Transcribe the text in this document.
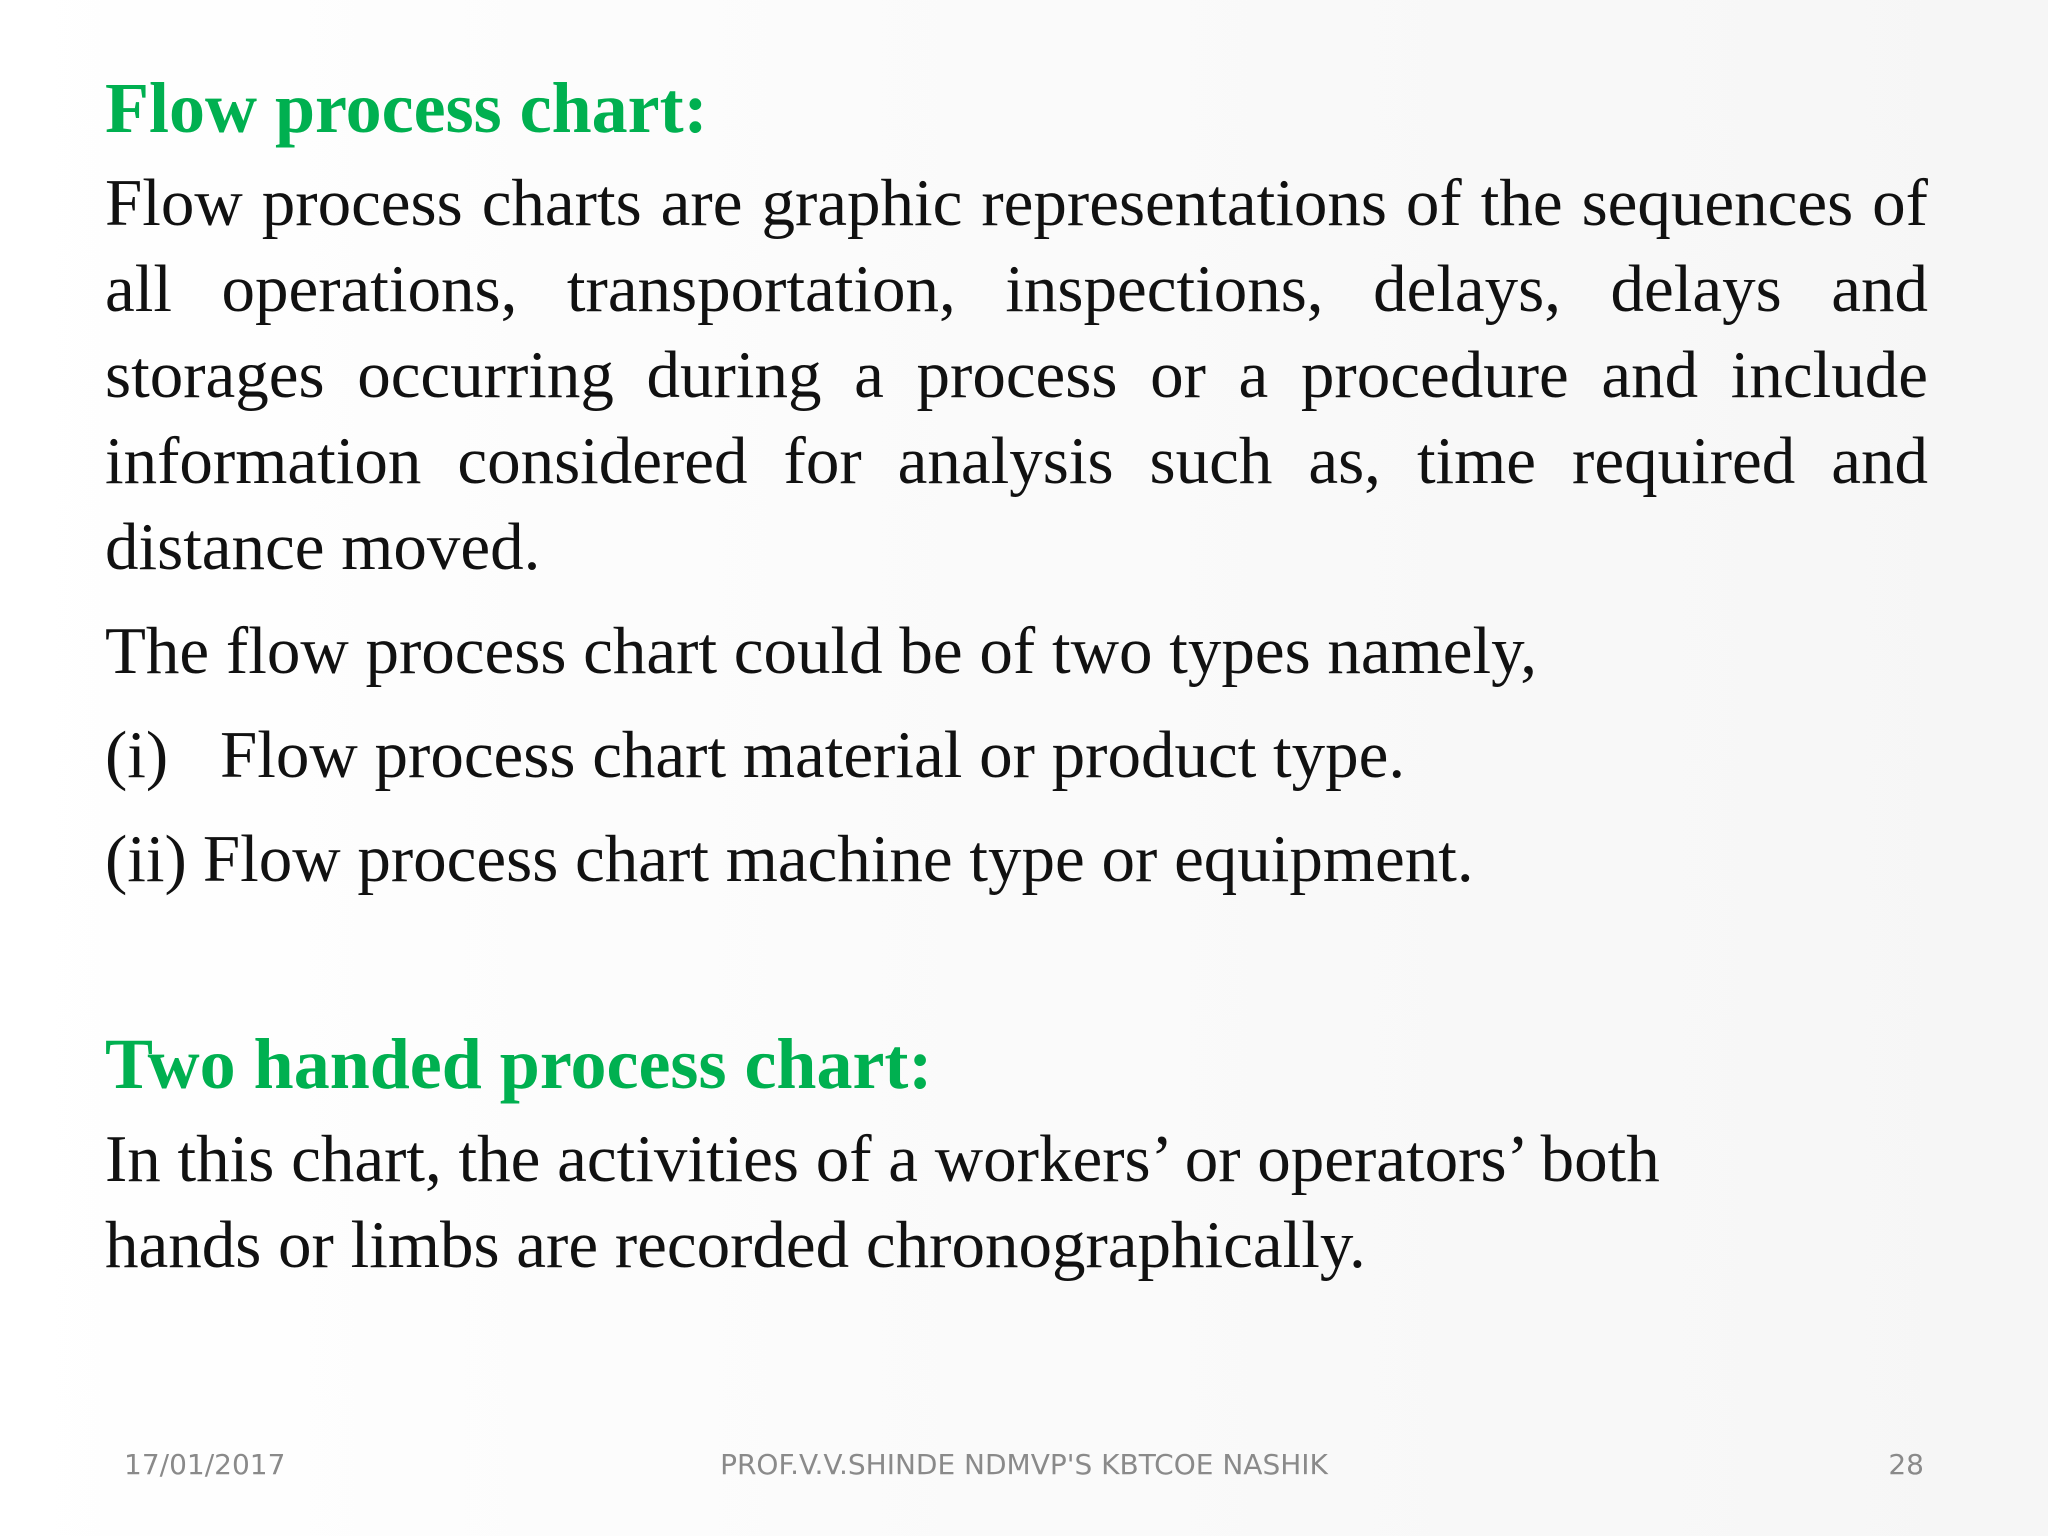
Flow process chart:

Flow process charts are graphic representations of the sequences of all operations, transportation, inspections, delays, delays and storages occurring during a process or a procedure and include information considered for analysis such as, time required and distance moved.

The flow process chart could be of two types namely,

(i) Flow process chart material or product type.
(ii) Flow process chart machine type or equipment.
Two handed process chart:

In this chart, the activities of a workers’ or operators’ both
hands or limbs are recorded chronographically.

17/01/2017	PROF.V.V.SHINDE NDMVP'S KBTCOE NASHIK	28
